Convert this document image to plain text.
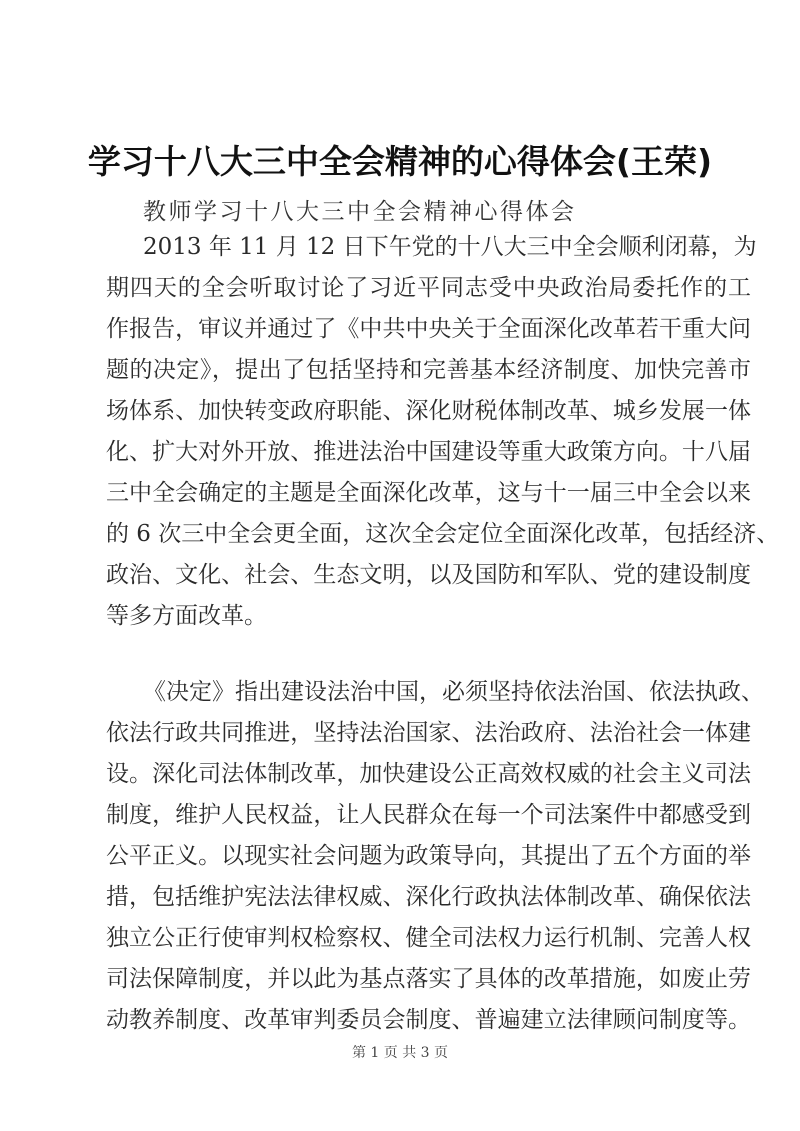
学习十八大三中全会精神的心得体会(王荣)
教师学习十八大三中全会精神心得体会
2013 年 11 月 12 日下午党的十八大三中全会顺利闭幕，为
期四天的全会听取讨论了习近平同志受中央政治局委托作的工
作报告，审议并通过了《中共中央关于全面深化改革若干重大问
题的决定》，提出了包括坚持和完善基本经济制度、加快完善市
场体系、加快转变政府职能、深化财税体制改革、城乡发展一体
化、扩大对外开放、推进法治中国建设等重大政策方向。十八届
三中全会确定的主题是全面深化改革，这与十一届三中全会以来
的 6 次三中全会更全面，这次全会定位全面深化改革，包括经济、
政治、文化、社会、生态文明，以及国防和军队、党的建设制度
等多方面改革。
《决定》指出建设法治中国，必须坚持依法治国、依法执政、
依法行政共同推进，坚持法治国家、法治政府、法治社会一体建
设。深化司法体制改革，加快建设公正高效权威的社会主义司法
制度，维护人民权益，让人民群众在每一个司法案件中都感受到
公平正义。以现实社会问题为政策导向，其提出了五个方面的举
措，包括维护宪法法律权威、深化行政执法体制改革、确保依法
独立公正行使审判权检察权、健全司法权力运行机制、完善人权
司法保障制度，并以此为基点落实了具体的改革措施，如废止劳
动教养制度、改革审判委员会制度、普遍建立法律顾问制度等。
第 1 页 共 3 页
